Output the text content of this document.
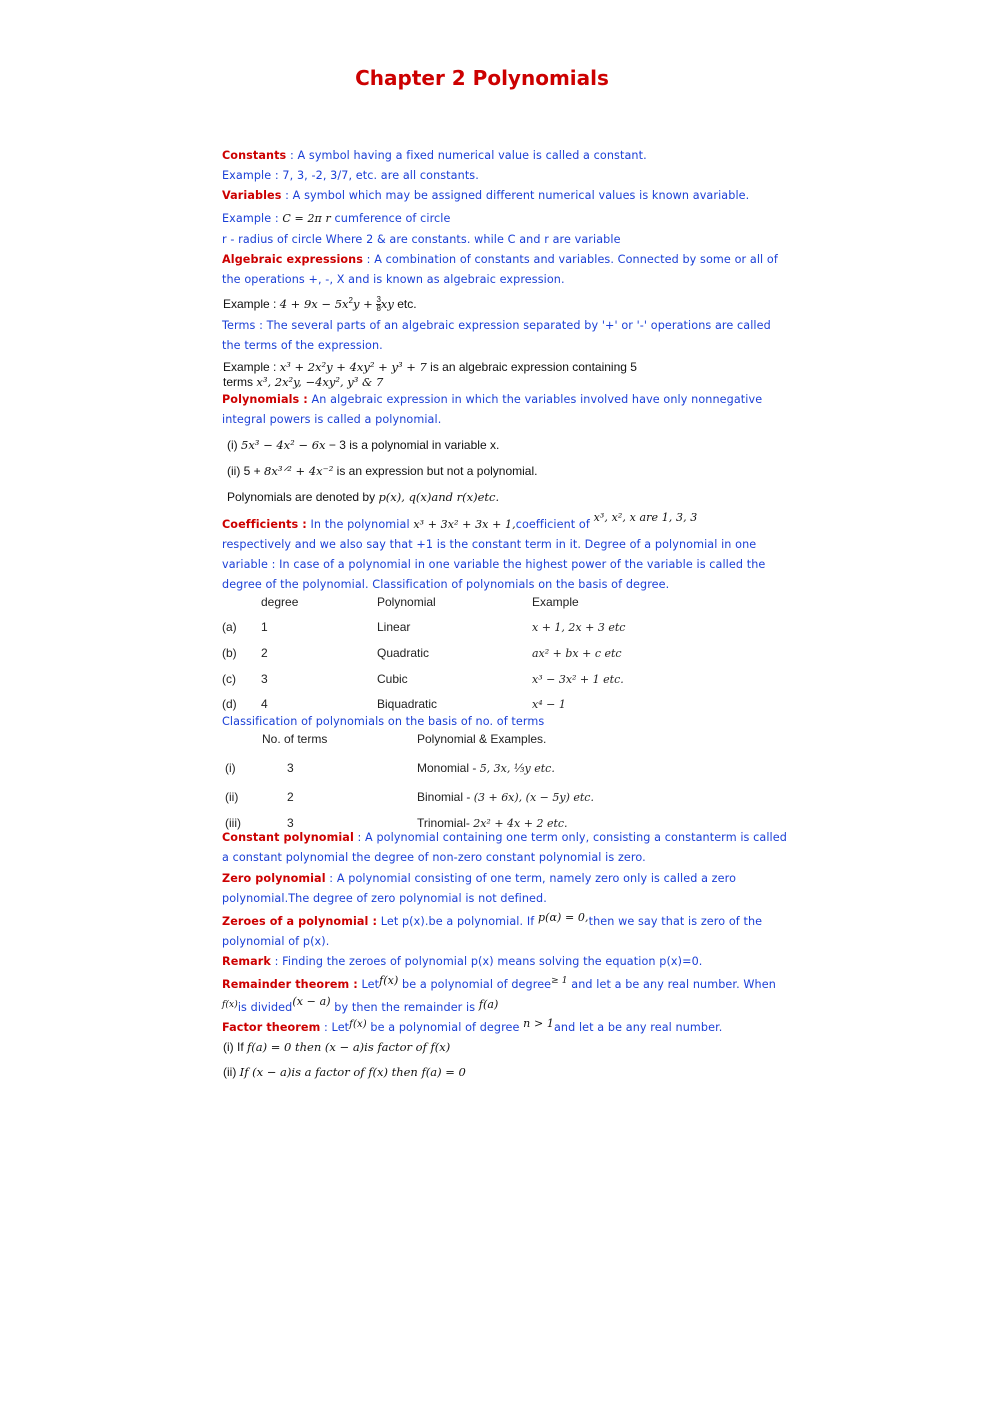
Chapter 2 Polynomials
Constants : A symbol having a fixed numerical value is called a constant.
Example : 7, 3, -2, 3/7, etc. are all constants.
Variables : A symbol which may be assigned different numerical values is known avariable.
Example : C = 2π r cumference of circle
r - radius of circle Where 2 & are constants. while C and r are variable
Algebraic expressions : A combination of constants and variables. Connected by some or all of
the operations +, -, X and is known as algebraic expression.
Example : $4 + 9x - 5x^2y + \frac{3}{8}$ xy etc.
Terms : The several parts of an algebraic expression separated by '+' or '-' operations are called
the terms of the expression.
Example : x³ + 2x²y + 4xy² + y³ + 7 is an algebraic expression containing 5
terms x³, 2x²y, −4xy², y³ & 7
Polynomials : An algebraic expression in which the variables involved have only nonnegative
integral powers is called a polynomial.
(i) 5x³ − 4x² − 6x − 3 is a polynomial in variable x.
(ii) 5 + 8x³ᐟ² + 4x⁻² is an expression but not a polynomial.
Polynomials are denoted by p(x), q(x)and r(x)etc.
Coefficients : In the polynomial x³ + 3x² + 3x + 1,coefficient of x³, x², x are 1, 3, 3
respectively and we also say that +1 is the constant term in it. Degree of a polynomial in one
variable : In case of a polynomial in one variable the highest power of the variable is called the
degree of the polynomial. Classification of polynomials on the basis of degree.
degree	Polynomial	Example
(a) 1	Linear	x + 1, 2x + 3 etc
(b) 2	Quadratic	ax² + bx + c etc
(c) 3	Cubic	x³ − 3x² + 1 etc.
(d) 4	Biquadratic	x⁴ − 1
Classification of polynomials on the basis of no. of terms
No. of terms	Polynomial & Examples.
(i)	3	Monomial - 5, 3x, ⅓y etc.
(ii)	2	Binomial - (3 + 6x), (x − 5y) etc.
(iii)	3	Trinomial- 2x² + 4x + 2 etc.
Constant polynomial : A polynomial containing one term only, consisting a constanterm is called
a constant polynomial the degree of non-zero constant polynomial is zero.
Zero polynomial : A polynomial consisting of one term, namely zero only is called a zero
polynomial.The degree of zero polynomial is not defined.
Zeroes of a polynomial : Let p(x).be a polynomial. If p(α) = 0,then we say that is zero of the
polynomial of p(x).
Remark : Finding the zeroes of polynomial p(x) means solving the equation p(x)=0.
Remainder theorem : Letf(x) be a polynomial of degree$^{\ge 1}$ and let a be any real number. When
$^{f(x)}$is divided(x − a) by then the remainder is f(a)
Factor theorem : Letf(x) be a polynomial of degree n > 1and let a be any real number.
(i) If f(a) = 0 then (x − a)is factor of f(x)
(ii) If (x − a)is a factor of f(x) then f(a) = 0
